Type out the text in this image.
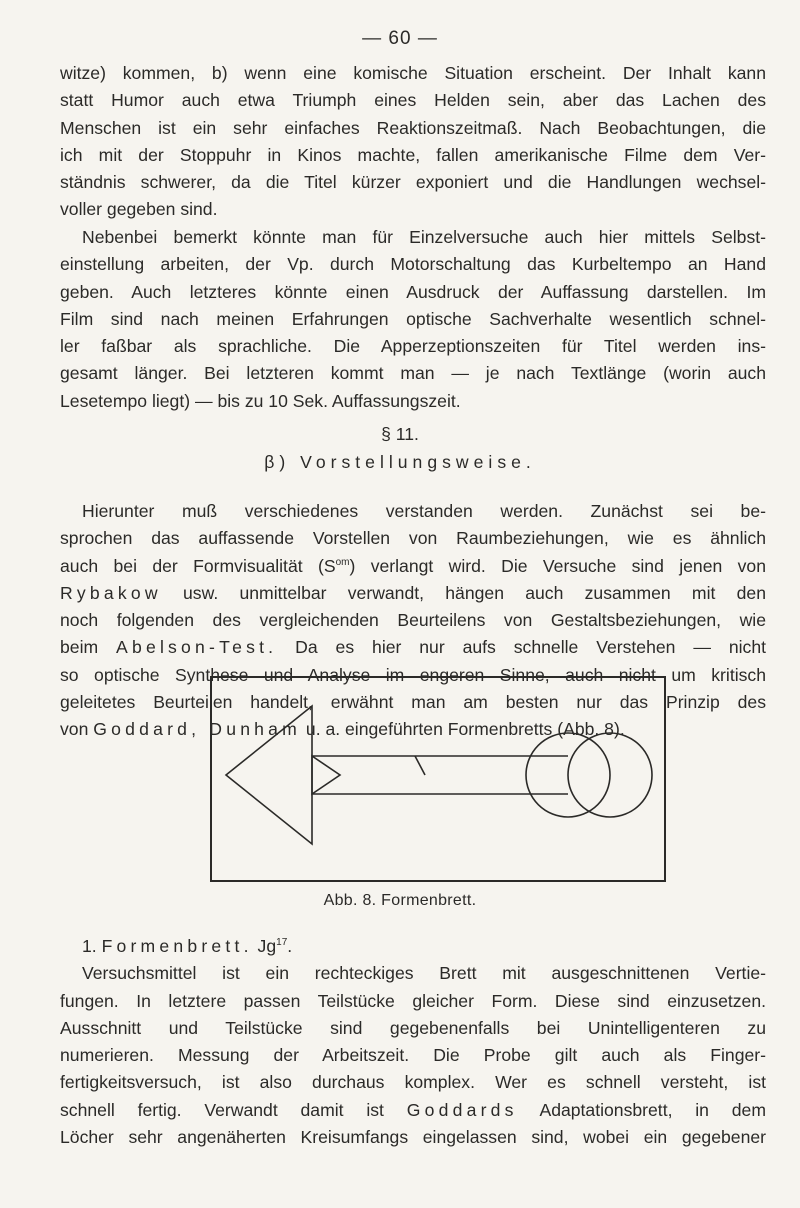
— 60 —
witze) kommen, b) wenn eine komische Situation erscheint. Der Inhalt kann
statt Humor auch etwa Triumph eines Helden sein, aber das Lachen des
Menschen ist ein sehr einfaches Reaktionszeitmaß. Nach Beobachtungen, die
ich mit der Stoppuhr in Kinos machte, fallen amerikanische Filme dem Ver-
ständnis schwerer, da die Titel kürzer exponiert und die Handlungen wechsel-
voller gegeben sind.
Nebenbei bemerkt könnte man für Einzelversuche auch hier mittels Selbst-
einstellung arbeiten, der Vp. durch Motorschaltung das Kurbeltempo an Hand
geben. Auch letzteres könnte einen Ausdruck der Auffassung darstellen. Im
Film sind nach meinen Erfahrungen optische Sachverhalte wesentlich schnel-
ler faßbar als sprachliche. Die Apperzeptionszeiten für Titel werden ins-
gesamt länger. Bei letzteren kommt man — je nach Textlänge (worin auch
Lesetempo liegt) — bis zu 10 Sek. Auffassungszeit.
§ 11.
β) Vorstellungsweise.
Hierunter muß verschiedenes verstanden werden. Zunächst sei be-
sprochen das auffassende Vorstellen von Raumbeziehungen, wie es ähnlich
auch bei der Formvisualität $(S^{om})$ verlangt wird. Die Versuche sind jenen von
Rybakow usw. unmittelbar verwandt, hängen auch zusammen mit den
noch folgenden des vergleichenden Beurteilens von Gestaltsbeziehungen, wie
beim Abelson-Test. Da es hier nur aufs schnelle Verstehen — nicht
so optische Synthese und Analyse im engeren Sinne, auch nicht um kritisch
geleitetes Beurteilen handelt, erwähnt man am besten nur das Prinzip des
von Goddard, Dunham u. a. eingeführten Formenbretts (Abb. 8).
Abb. 8. Formenbrett.
1. Formenbrett. Jg$^{17}$.
Versuchsmittel ist ein rechteckiges Brett mit ausgeschnittenen Vertie-
fungen. In letztere passen Teilstücke gleicher Form. Diese sind einzusetzen.
Ausschnitt und Teilstücke sind gegebenenfalls bei Unintelligenteren zu
numerieren. Messung der Arbeitszeit. Die Probe gilt auch als Finger-
fertigkeitsversuch, ist also durchaus komplex. Wer es schnell versteht, ist
schnell fertig. Verwandt damit ist Goddards Adaptationsbrett, in dem
Löcher sehr angenäherten Kreisumfangs eingelassen sind, wobei ein gegebener
